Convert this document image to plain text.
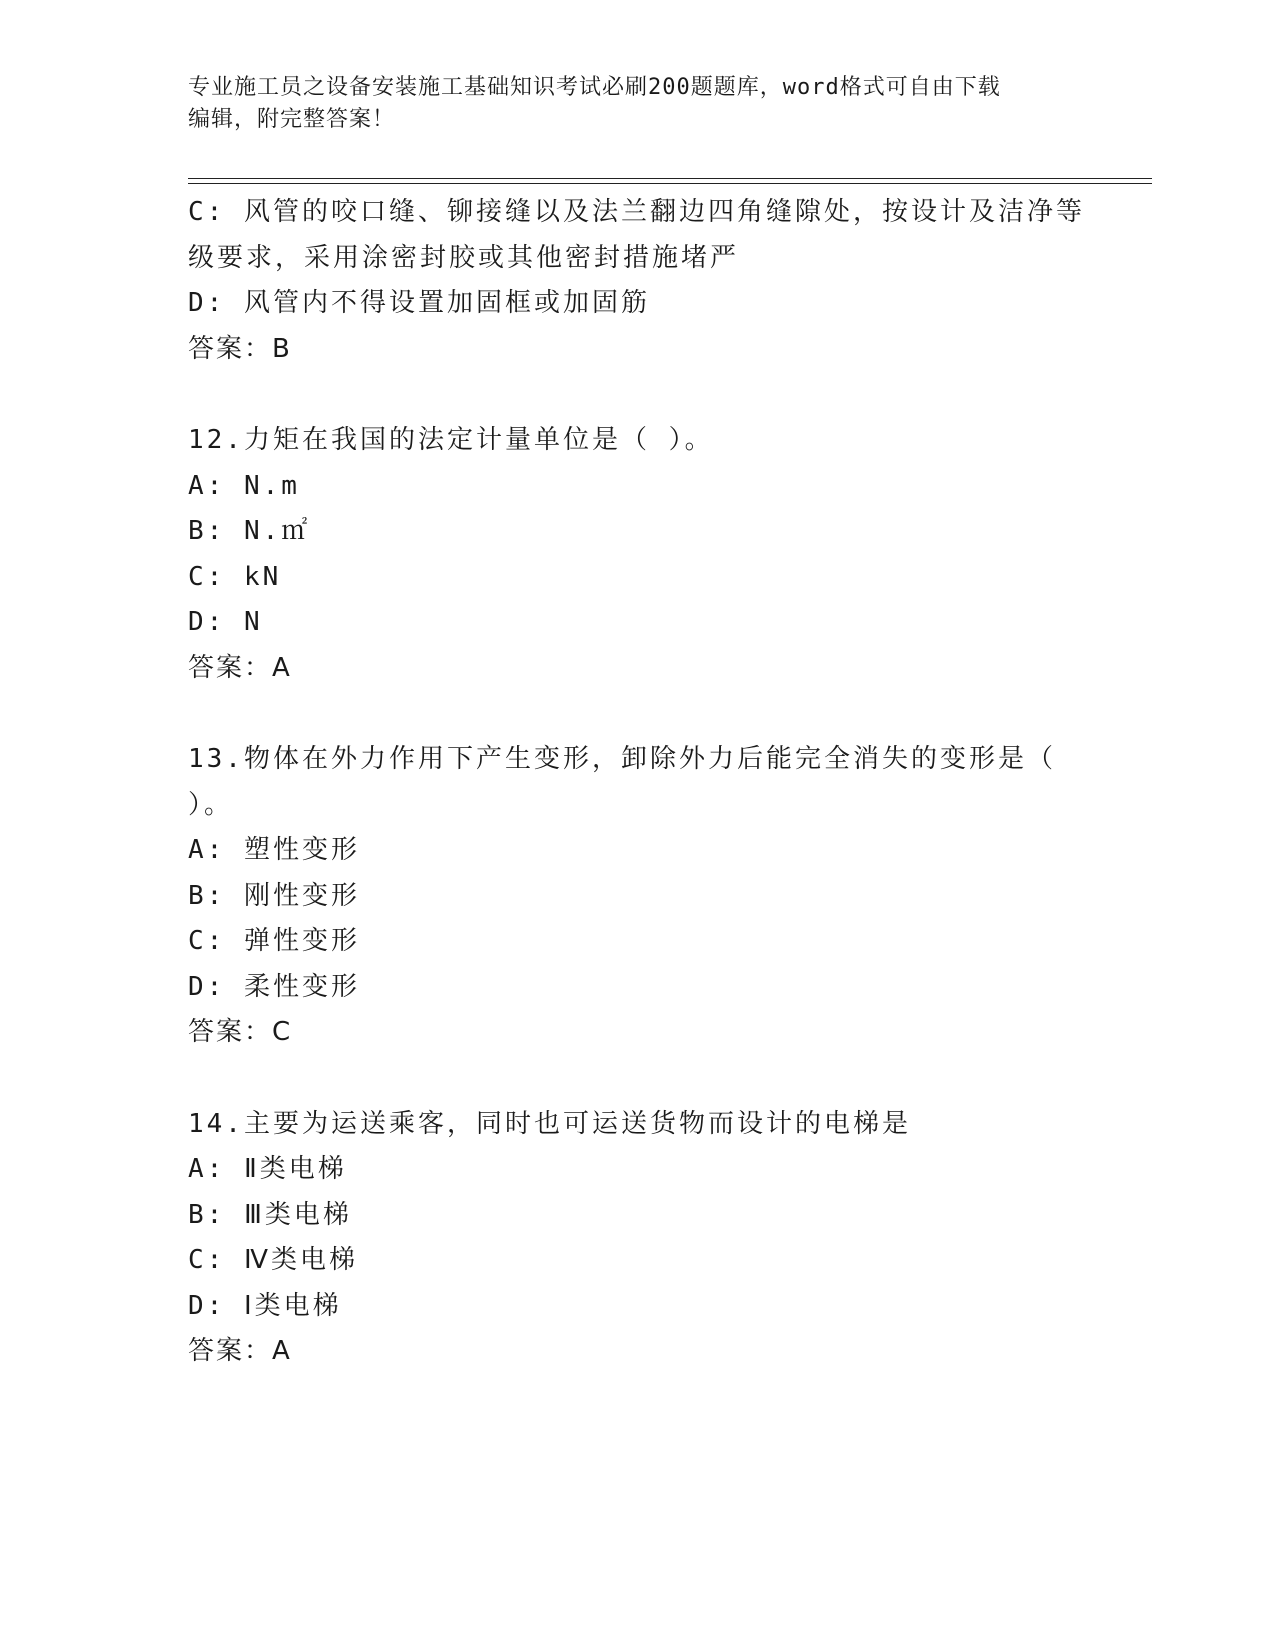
专业施工员之设备安装施工基础知识考试必刷200题题库，word格式可自由下载
编辑，附完整答案！
C: 风管的咬口缝、铆接缝以及法兰翻边四角缝隙处，按设计及洁净等
级要求，采用涂密封胶或其他密封措施堵严
D: 风管内不得设置加固框或加固筋
答案：B
12.力矩在我国的法定计量单位是（ ）。
A: N.m
B: N.㎡
C: kN
D: N
答案：A
13.物体在外力作用下产生变形，卸除外力后能完全消失的变形是（
）。
A: 塑性变形
B: 刚性变形
C: 弹性变形
D: 柔性变形
答案：C
14.主要为运送乘客，同时也可运送货物而设计的电梯是
A: Ⅱ类电梯
B: Ⅲ类电梯
C: Ⅳ类电梯
D: Ⅰ类电梯
答案：A
